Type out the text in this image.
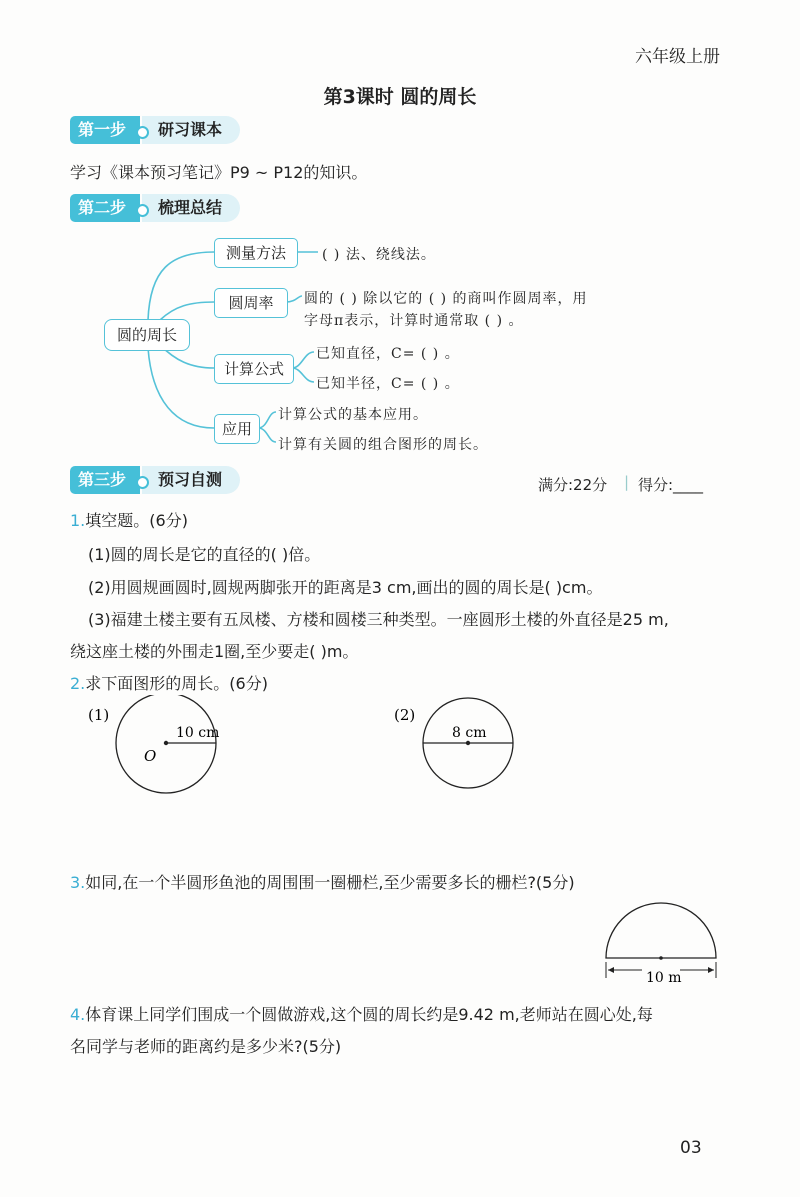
六年级上册
第3课时 圆的周长
研习课本
第一步
学习《课本预习笔记》P9 ~ P12的知识。
梳理总结
第二步
圆的周长
测量方法
圆周率
计算公式
应用
( ) 法、绕线法。
圆的 ( ) 除以它的 ( ) 的商叫作圆周率，用
字母π表示，计算时通常取 ( ) 。
已知直径，C= ( ) 。
已知半径，C= ( ) 。
计算公式的基本应用。
计算有关圆的组合图形的周长。
预习自测
第三步	满分:22分 | 得分:____
1.填空题。(6分)
(1)圆的周长是它的直径的( )倍。
(2)用圆规画圆时,圆规两脚张开的距离是3 cm,画出的圆的周长是( )cm。
(3)福建土楼主要有五凤楼、方楼和圆楼三种类型。一座圆形土楼的外直径是25 m,
绕这座土楼的外围走1圈,至少要走( )m。
2.求下面图形的周长。(6分)
(1)
10 cm
O
(2)
8 cm
3.如同,在一个半圆形鱼池的周围围一圈栅栏,至少需要多长的栅栏?(5分)
10 m
4.体育课上同学们围成一个圆做游戏,这个圆的周长约是9.42 m,老师站在圆心处,每
名同学与老师的距离约是多少米?(5分)
03
